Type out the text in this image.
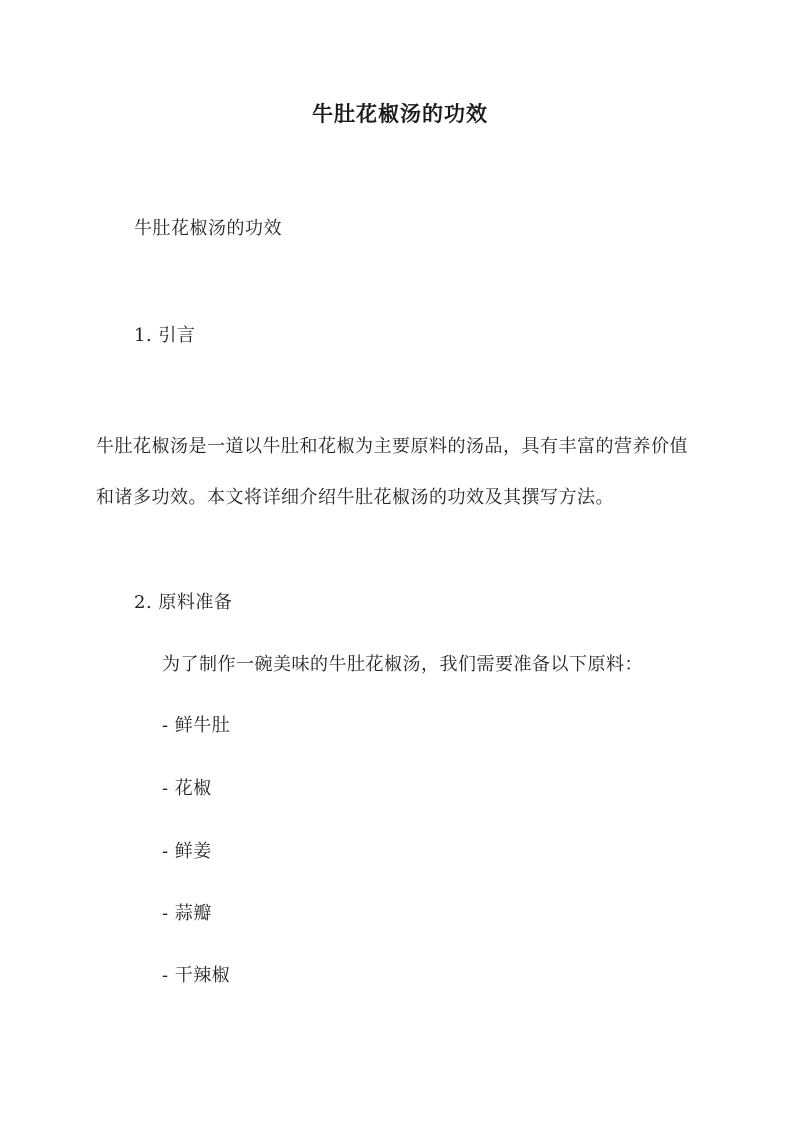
牛肚花椒汤的功效
牛肚花椒汤的功效
1. 引言
牛肚花椒汤是一道以牛肚和花椒为主要原料的汤品，具有丰富的营养价值
和诸多功效。本文将详细介绍牛肚花椒汤的功效及其撰写方法。
2. 原料准备
为了制作一碗美味的牛肚花椒汤，我们需要准备以下原料：
- 鲜牛肚
- 花椒
- 鲜姜
- 蒜瓣
- 干辣椒
